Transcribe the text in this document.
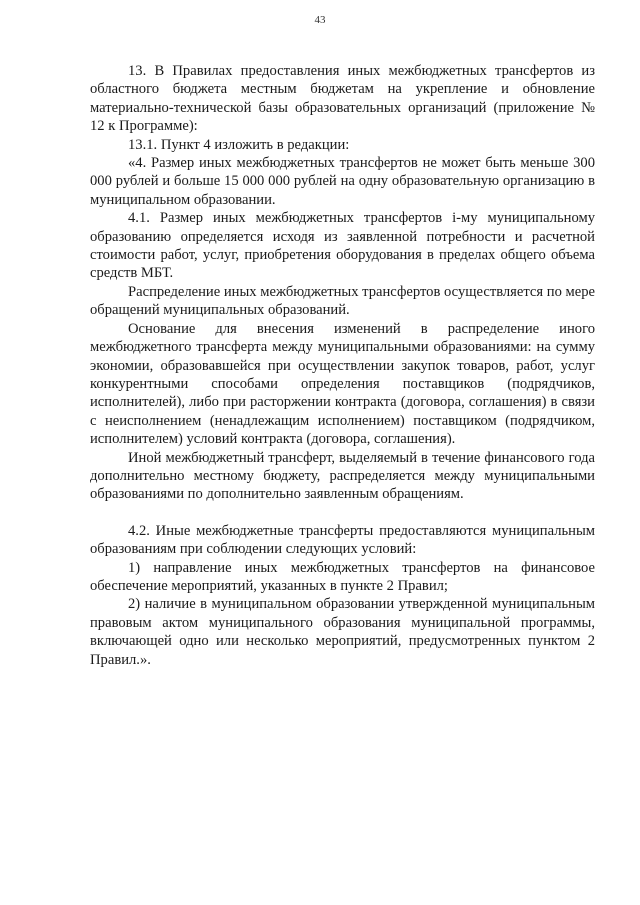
43

13. В Правилах предоставления иных межбюджетных трансфертов из областного бюджета местным бюджетам на укрепление и обновление материально-технической базы образовательных организаций (приложение № 12 к Программе):

13.1. Пункт 4 изложить в редакции:

«4. Размер иных межбюджетных трансфертов не может быть меньше 300 000 рублей и больше 15 000 000 рублей на одну образовательную организацию в муниципальном образовании.

4.1. Размер иных межбюджетных трансфертов i-му муниципальному образованию определяется исходя из заявленной потребности и расчетной стоимости работ, услуг, приобретения оборудования в пределах общего объема средств МБТ.

Распределение иных межбюджетных трансфертов осуществляется по мере обращений муниципальных образований.

Основание для внесения изменений в распределение иного межбюджетного трансферта между муниципальными образованиями: на сумму экономии, образовавшейся при осуществлении закупок товаров, работ, услуг конкурентными способами определения поставщиков (подрядчиков, исполнителей), либо при расторжении контракта (договора, соглашения) в связи с неисполнением (ненадлежащим исполнением) поставщиком (подрядчиком, исполнителем) условий контракта (договора, соглашения).

Иной межбюджетный трансферт, выделяемый в течение финансового года дополнительно местному бюджету, распределяется между муниципальными образованиями по дополнительно заявленным обращениям.

4.2. Иные межбюджетные трансферты предоставляются муниципальным образованиям при соблюдении следующих условий:

1) направление иных межбюджетных трансфертов на финансовое обеспечение мероприятий, указанных в пункте 2 Правил;

2) наличие в муниципальном образовании утвержденной муниципальным правовым актом муниципального образования муниципальной программы, включающей одно или несколько мероприятий, предусмотренных пунктом 2 Правил.».
